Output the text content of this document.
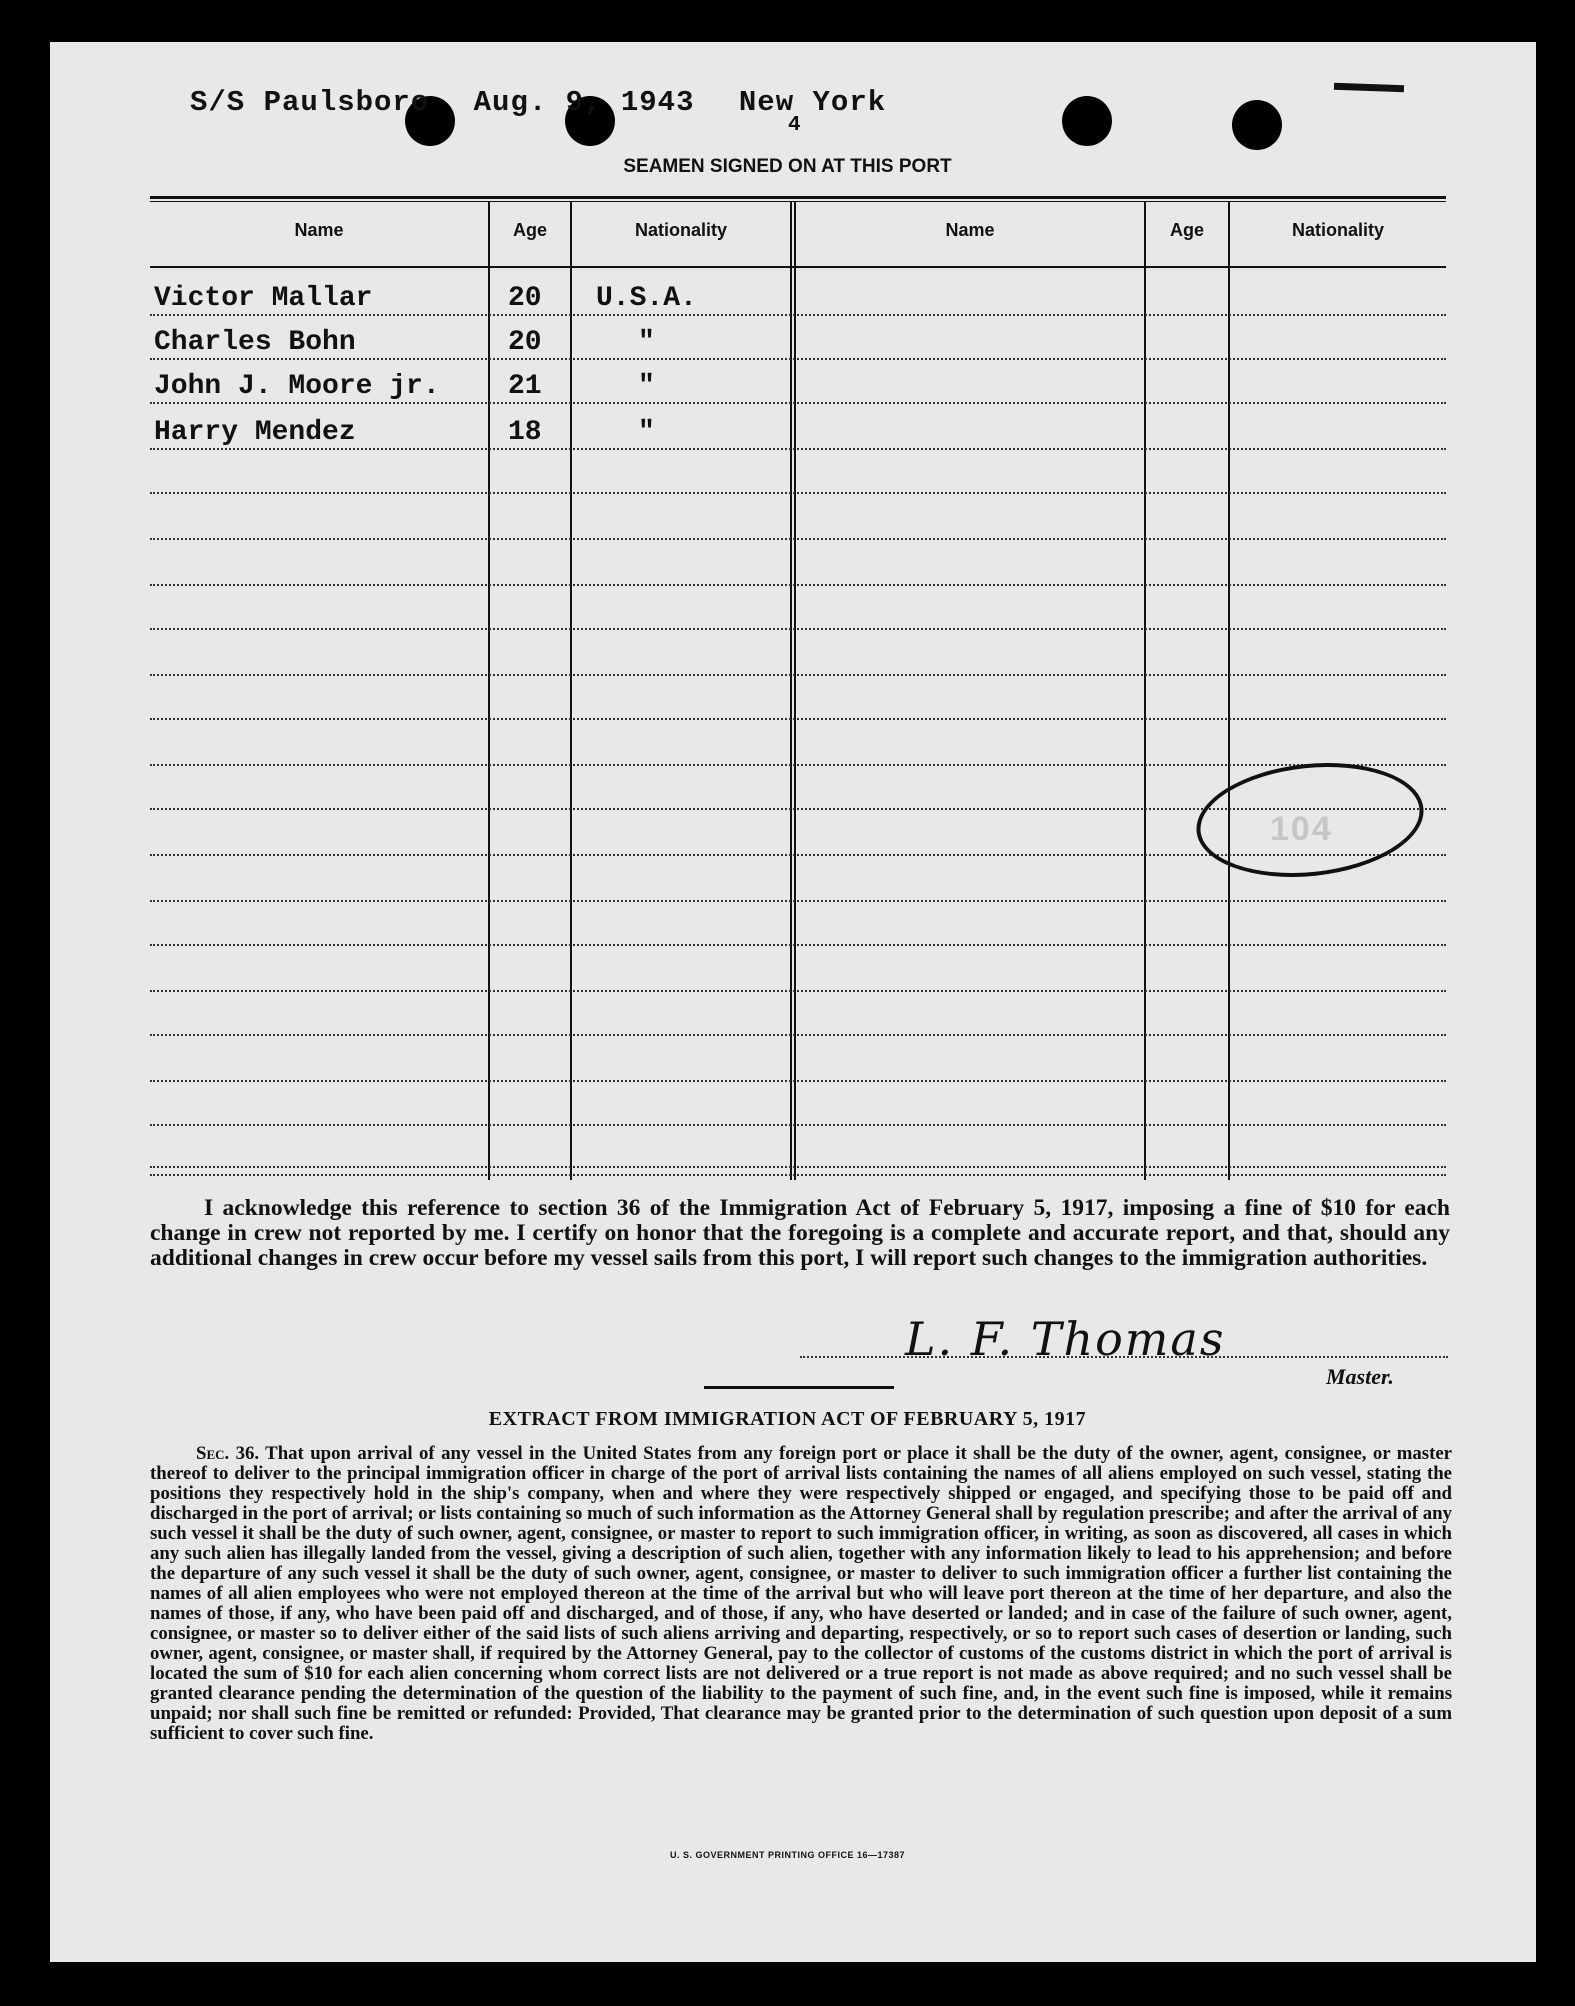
S/S Paulsboro Aug. 9, 1943 New York
4
SEAMEN SIGNED ON AT THIS PORT
Name	Age	Nationality	Name	Age	Nationality
Victor Mallar	20 U.S.A.
Charles Bohn	20	"
John J. Moore jr. 21	"
Harry Mendez	18	"
104
I acknowledge this reference to section 36 of the Immigration Act of February 5, 1917, imposing a fine of $10 for each change in crew not reported by me. I certify on honor that the foregoing is a complete and accurate report, and that, should any additional changes in crew occur before my vessel sails from this port, I will report such changes to the immigration authorities.
L. F. Thomas
Master.
EXTRACT FROM IMMIGRATION ACT OF FEBRUARY 5, 1917
Sec. 36. That upon arrival of any vessel in the United States from any foreign port or place it shall be the duty of the owner, agent, consignee, or master thereof to deliver to the principal immigration officer in charge of the port of arrival lists containing the names of all aliens employed on such vessel, stating the positions they respectively hold in the ship's company, when and where they were respectively shipped or engaged, and specifying those to be paid off and discharged in the port of arrival; or lists containing so much of such information as the Attorney General shall by regulation prescribe; and after the arrival of any such vessel it shall be the duty of such owner, agent, consignee, or master to report to such immigration officer, in writing, as soon as discovered, all cases in which any such alien has illegally landed from the vessel, giving a description of such alien, together with any information likely to lead to his apprehension; and before the departure of any such vessel it shall be the duty of such owner, agent, consignee, or master to deliver to such immigration officer a further list containing the names of all alien employees who were not employed thereon at the time of the arrival but who will leave port thereon at the time of her departure, and also the names of those, if any, who have been paid off and discharged, and of those, if any, who have deserted or landed; and in case of the failure of such owner, agent, consignee, or master so to deliver either of the said lists of such aliens arriving and departing, respectively, or so to report such cases of desertion or landing, such owner, agent, consignee, or master shall, if required by the Attorney General, pay to the collector of customs of the customs district in which the port of arrival is located the sum of $10 for each alien concerning whom correct lists are not delivered or a true report is not made as above required; and no such vessel shall be granted clearance pending the determination of the question of the liability to the payment of such fine, and, in the event such fine is imposed, while it remains unpaid; nor shall such fine be remitted or refunded: Provided, That clearance may be granted prior to the determination of such question upon deposit of a sum sufficient to cover such fine.
U. S. GOVERNMENT PRINTING OFFICE 16—17387
